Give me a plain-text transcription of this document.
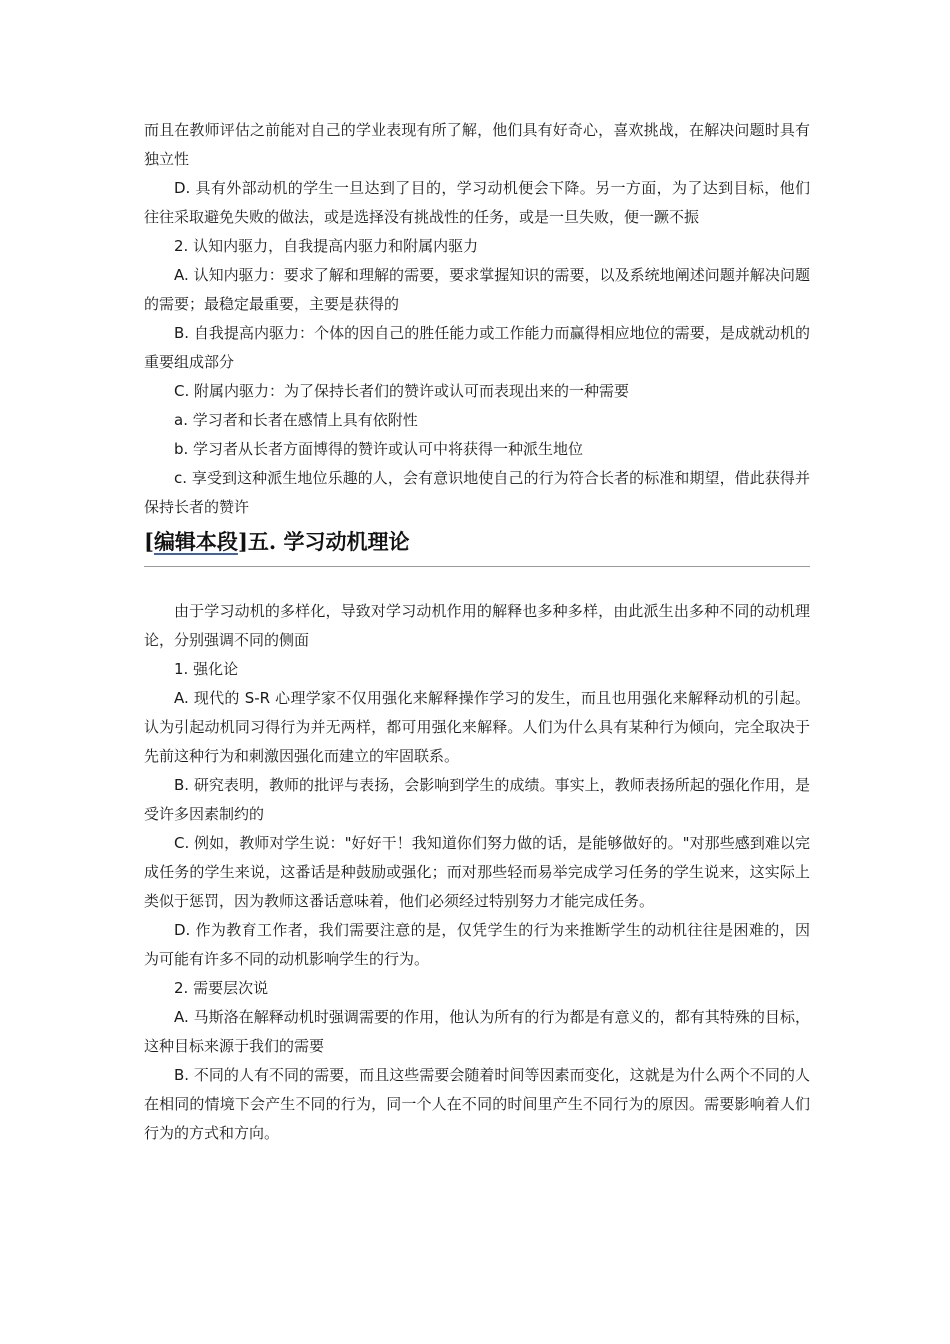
而且在教师评估之前能对自己的学业表现有所了解，他们具有好奇心，喜欢挑战，在解决问题时具有独立性

D. 具有外部动机的学生一旦达到了目的，学习动机便会下降。另一方面，为了达到目标，他们往往采取避免失败的做法，或是选择没有挑战性的任务，或是一旦失败，便一蹶不振

2. 认知内驱力，自我提高内驱力和附属内驱力

A. 认知内驱力：要求了解和理解的需要，要求掌握知识的需要，以及系统地阐述问题并解决问题的需要；最稳定最重要，主要是获得的

B. 自我提高内驱力：个体的因自己的胜任能力或工作能力而赢得相应地位的需要，是成就动机的重要组成部分

C. 附属内驱力：为了保持长者们的赞许或认可而表现出来的一种需要

a. 学习者和长者在感情上具有依附性

b. 学习者从长者方面博得的赞许或认可中将获得一种派生地位

c. 享受到这种派生地位乐趣的人，会有意识地使自己的行为符合长者的标准和期望，借此获得并保持长者的赞许

[编辑本段]五. 学习动机理论

由于学习动机的多样化，导致对学习动机作用的解释也多种多样，由此派生出多种不同的动机理论，分别强调不同的侧面

1. 强化论

A. 现代的 S-R 心理学家不仅用强化来解释操作学习的发生，而且也用强化来解释动机的引起。认为引起动机同习得行为并无两样，都可用强化来解释。人们为什么具有某种行为倾向，完全取决于先前这种行为和刺激因强化而建立的牢固联系。

B. 研究表明，教师的批评与表扬，会影响到学生的成绩。事实上，教师表扬所起的强化作用，是受许多因素制约的

C. 例如，教师对学生说："好好干！我知道你们努力做的话，是能够做好的。"对那些感到难以完成任务的学生来说，这番话是种鼓励或强化；而对那些轻而易举完成学习任务的学生说来，这实际上类似于惩罚，因为教师这番话意味着，他们必须经过特别努力才能完成任务。

D. 作为教育工作者，我们需要注意的是，仅凭学生的行为来推断学生的动机往往是困难的，因为可能有许多不同的动机影响学生的行为。

2. 需要层次说

A. 马斯洛在解释动机时强调需要的作用，他认为所有的行为都是有意义的，都有其特殊的目标，这种目标来源于我们的需要

B. 不同的人有不同的需要，而且这些需要会随着时间等因素而变化，这就是为什么两个不同的人在相同的情境下会产生不同的行为，同一个人在不同的时间里产生不同行为的原因。需要影响着人们行为的方式和方向。
